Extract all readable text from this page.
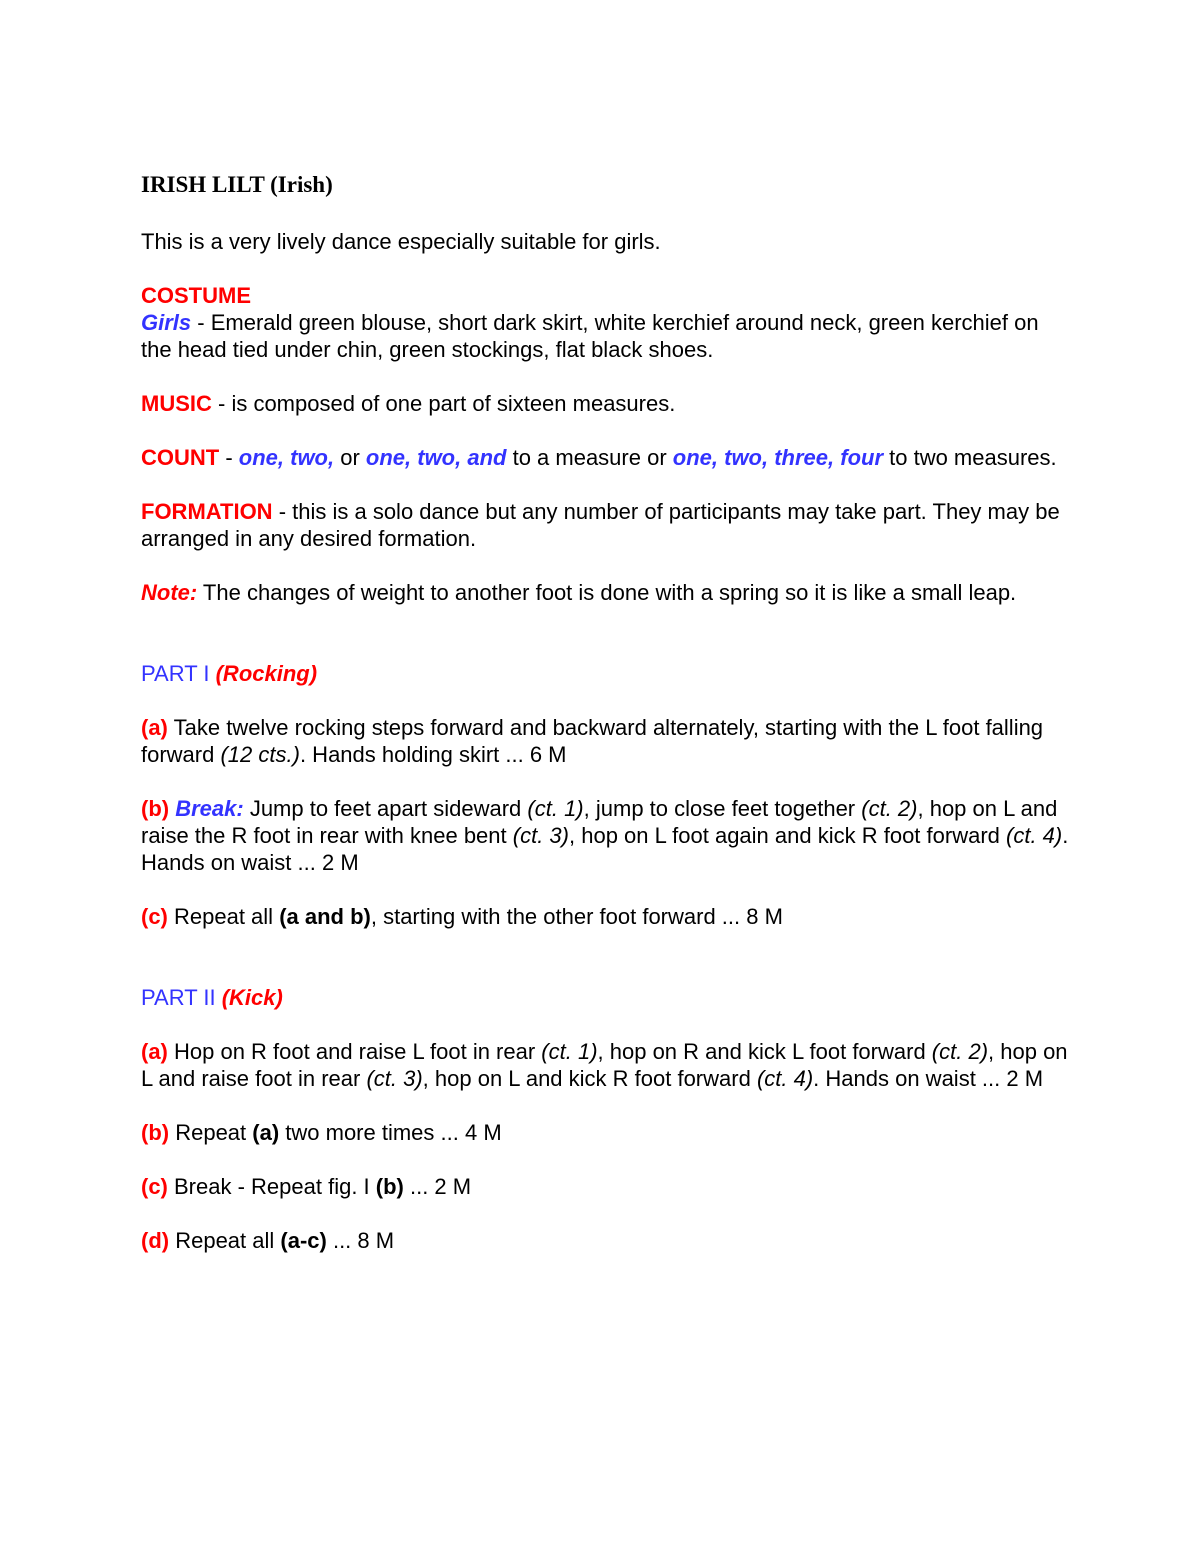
IRISH LILT (Irish)

This is a very lively dance especially suitable for girls.

COSTUME

Girls - Emerald green blouse, short dark skirt, white kerchief around neck, green kerchief on the head tied under chin, green stockings, flat black shoes.

MUSIC - is composed of one part of sixteen measures.

COUNT - one, two, or one, two, and to a measure or one, two, three, four to two measures.

FORMATION - this is a solo dance but any number of participants may take part. They may be arranged in any desired formation.

Note: The changes of weight to another foot is done with a spring so it is like a small leap.

PART I (Rocking)

(a) Take twelve rocking steps forward and backward alternately, starting with the L foot falling forward (12 cts.). Hands holding skirt ... 6 M

(b) Break: Jump to feet apart sideward (ct. 1), jump to close feet together (ct. 2), hop on L and raise the R foot in rear with knee bent (ct. 3), hop on L foot again and kick R foot forward (ct. 4). Hands on waist ... 2 M

(c) Repeat all (a and b), starting with the other foot forward ... 8 M

PART II (Kick)

(a) Hop on R foot and raise L foot in rear (ct. 1), hop on R and kick L foot forward (ct. 2), hop on L and raise foot in rear (ct. 3), hop on L and kick R foot forward (ct. 4). Hands on waist ... 2 M

(b) Repeat (a) two more times ... 4 M

(c) Break - Repeat fig. I (b) ... 2 M

(d) Repeat all (a-c) ... 8 M
